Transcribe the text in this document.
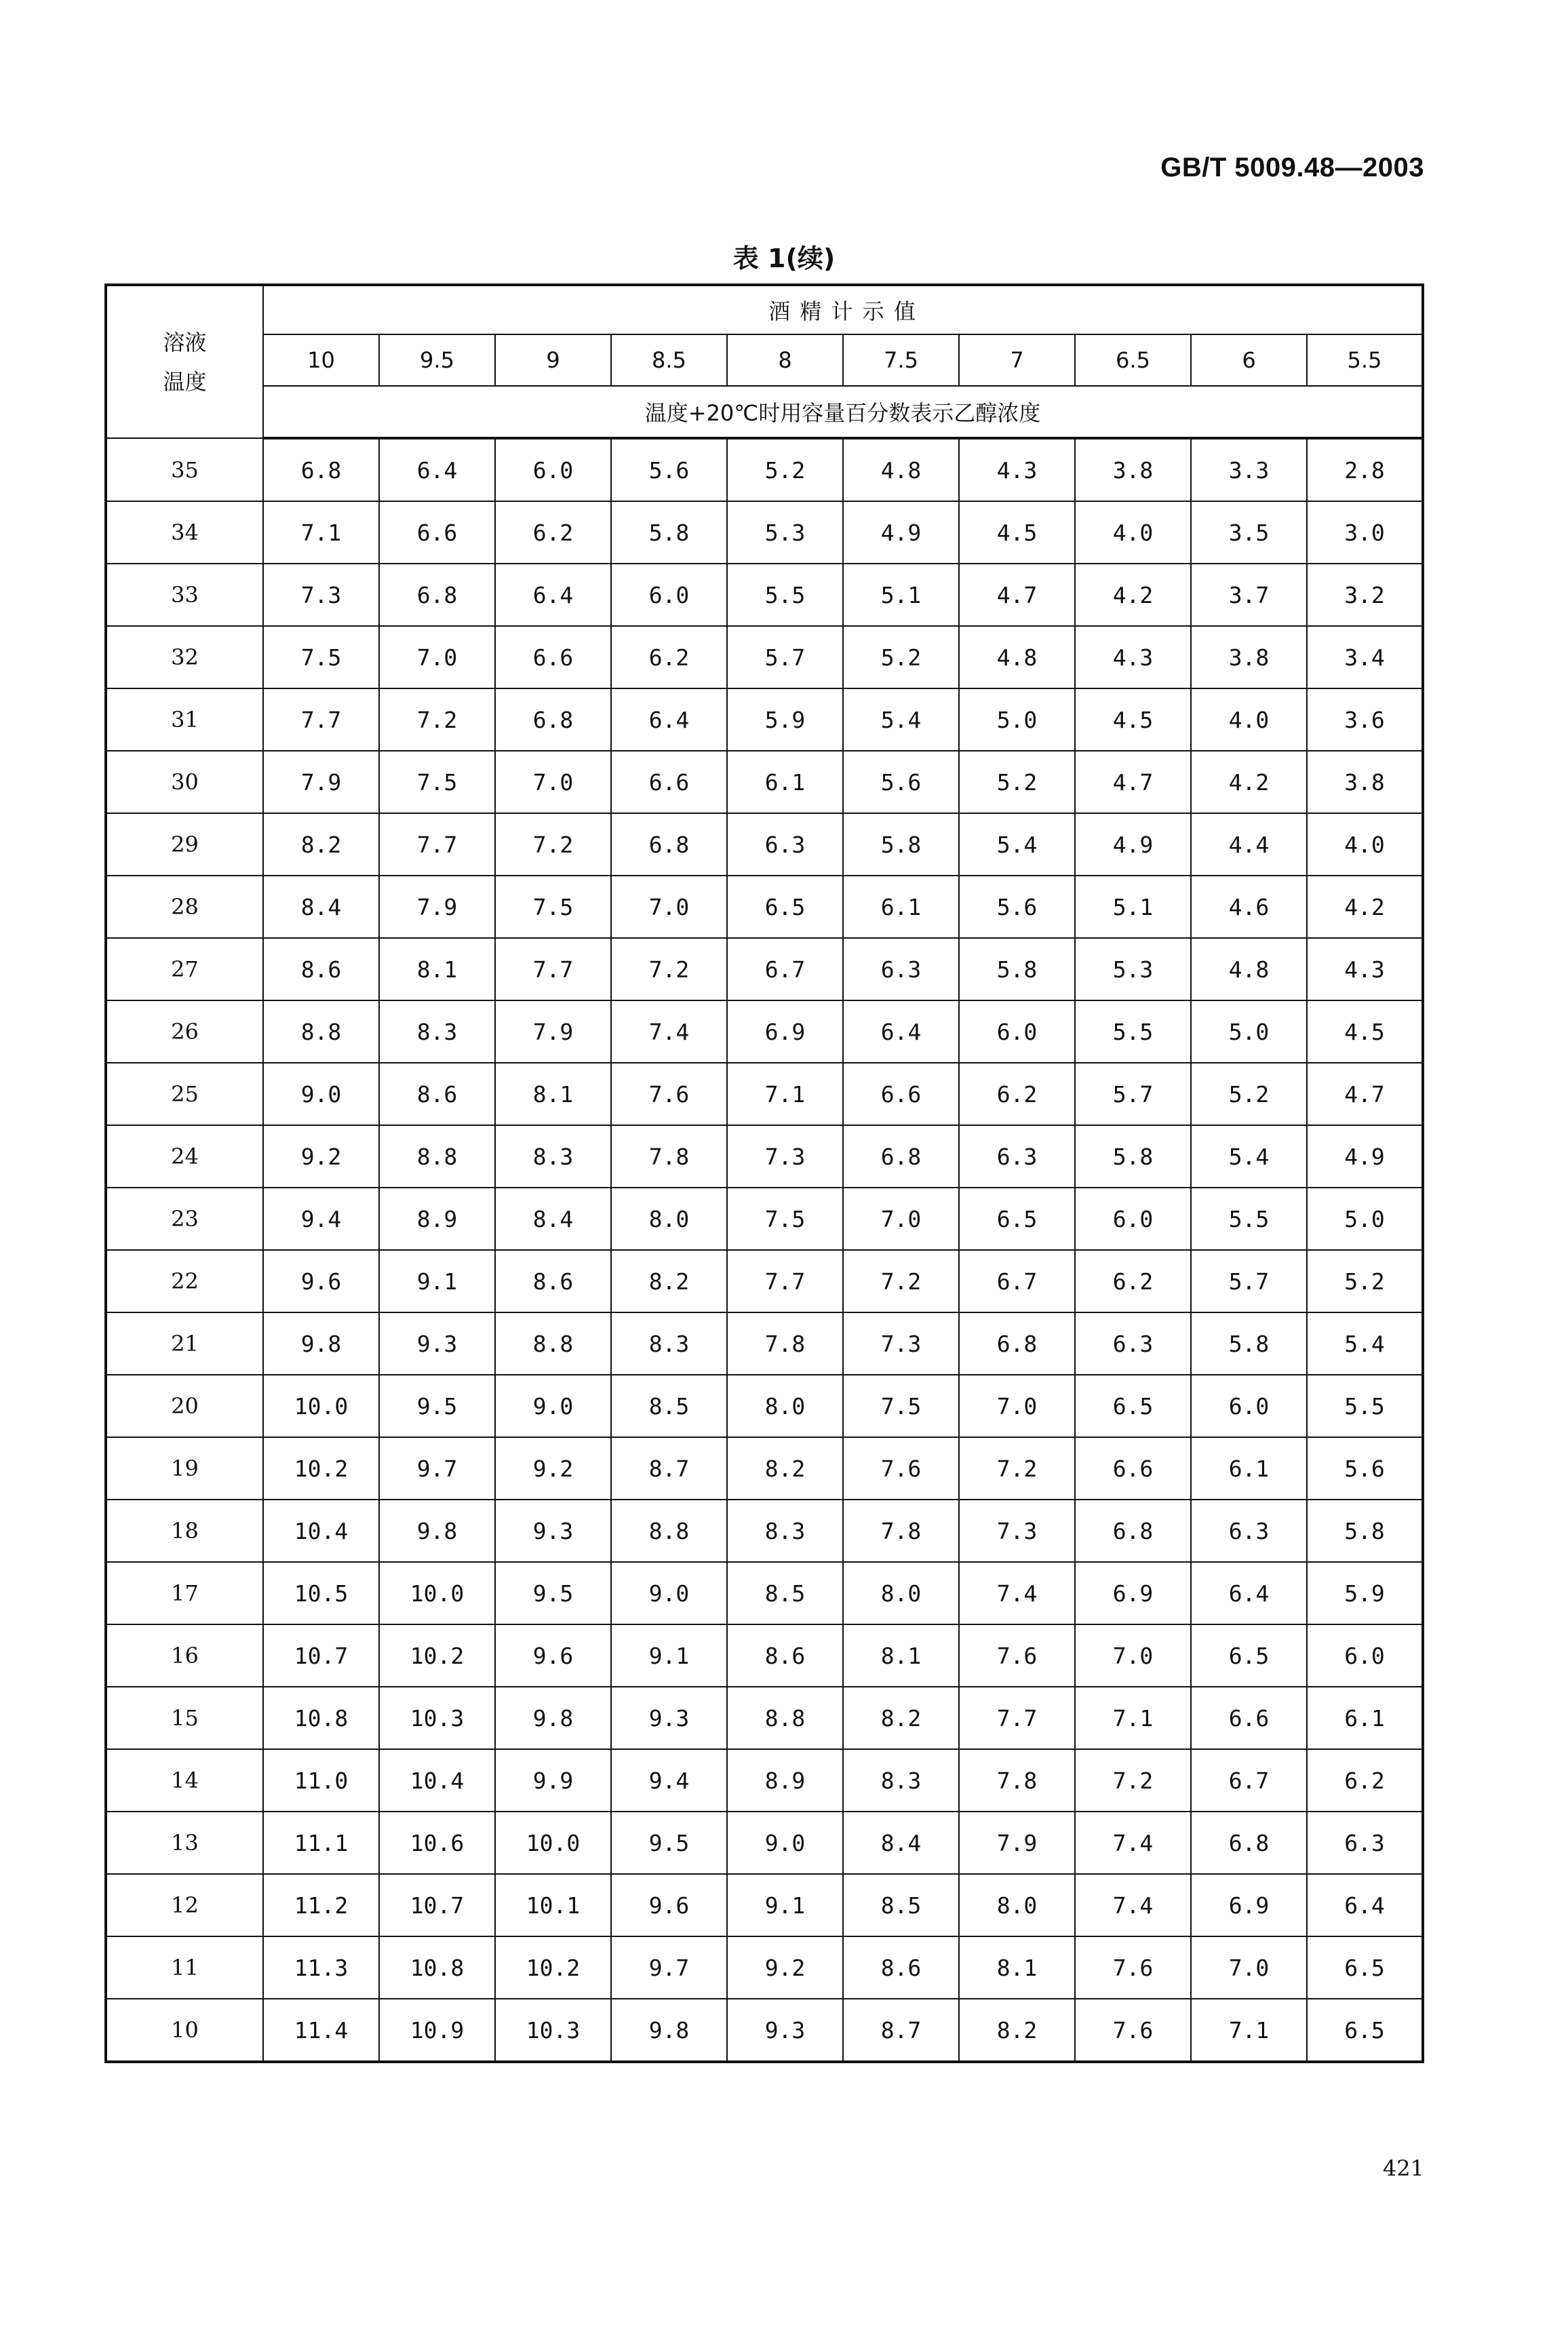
GB/T 5009.48—2003
表 1(续)
溶液
温度	酒 精 计 示 值									
	10	9.5	9	8.5	8	7.5	7	6.5	6	5.5
	温度+20℃时用容量百分数表示乙醇浓度									
35	6.8	6.4	6.0	5.6	5.2	4.8	4.3	3.8	3.3	2.8
34	7.1	6.6	6.2	5.8	5.3	4.9	4.5	4.0	3.5	3.0
33	7.3	6.8	6.4	6.0	5.5	5.1	4.7	4.2	3.7	3.2
32	7.5	7.0	6.6	6.2	5.7	5.2	4.8	4.3	3.8	3.4
31	7.7	7.2	6.8	6.4	5.9	5.4	5.0	4.5	4.0	3.6
30	7.9	7.5	7.0	6.6	6.1	5.6	5.2	4.7	4.2	3.8
29	8.2	7.7	7.2	6.8	6.3	5.8	5.4	4.9	4.4	4.0
28	8.4	7.9	7.5	7.0	6.5	6.1	5.6	5.1	4.6	4.2
27	8.6	8.1	7.7	7.2	6.7	6.3	5.8	5.3	4.8	4.3
26	8.8	8.3	7.9	7.4	6.9	6.4	6.0	5.5	5.0	4.5
25	9.0	8.6	8.1	7.6	7.1	6.6	6.2	5.7	5.2	4.7
24	9.2	8.8	8.3	7.8	7.3	6.8	6.3	5.8	5.4	4.9
23	9.4	8.9	8.4	8.0	7.5	7.0	6.5	6.0	5.5	5.0
22	9.6	9.1	8.6	8.2	7.7	7.2	6.7	6.2	5.7	5.2
21	9.8	9.3	8.8	8.3	7.8	7.3	6.8	6.3	5.8	5.4
20	10.0	9.5	9.0	8.5	8.0	7.5	7.0	6.5	6.0	5.5
19	10.2	9.7	9.2	8.7	8.2	7.6	7.2	6.6	6.1	5.6
18	10.4	9.8	9.3	8.8	8.3	7.8	7.3	6.8	6.3	5.8
17	10.5	10.0	9.5	9.0	8.5	8.0	7.4	6.9	6.4	5.9
16	10.7	10.2	9.6	9.1	8.6	8.1	7.6	7.0	6.5	6.0
15	10.8	10.3	9.8	9.3	8.8	8.2	7.7	7.1	6.6	6.1
14	11.0	10.4	9.9	9.4	8.9	8.3	7.8	7.2	6.7	6.2
13	11.1	10.6	10.0	9.5	9.0	8.4	7.9	7.4	6.8	6.3
12	11.2	10.7	10.1	9.6	9.1	8.5	8.0	7.4	6.9	6.4
11	11.3	10.8	10.2	9.7	9.2	8.6	8.1	7.6	7.0	6.5
10	11.4	10.9	10.3	9.8	9.3	8.7	8.2	7.6	7.1	6.5
421
